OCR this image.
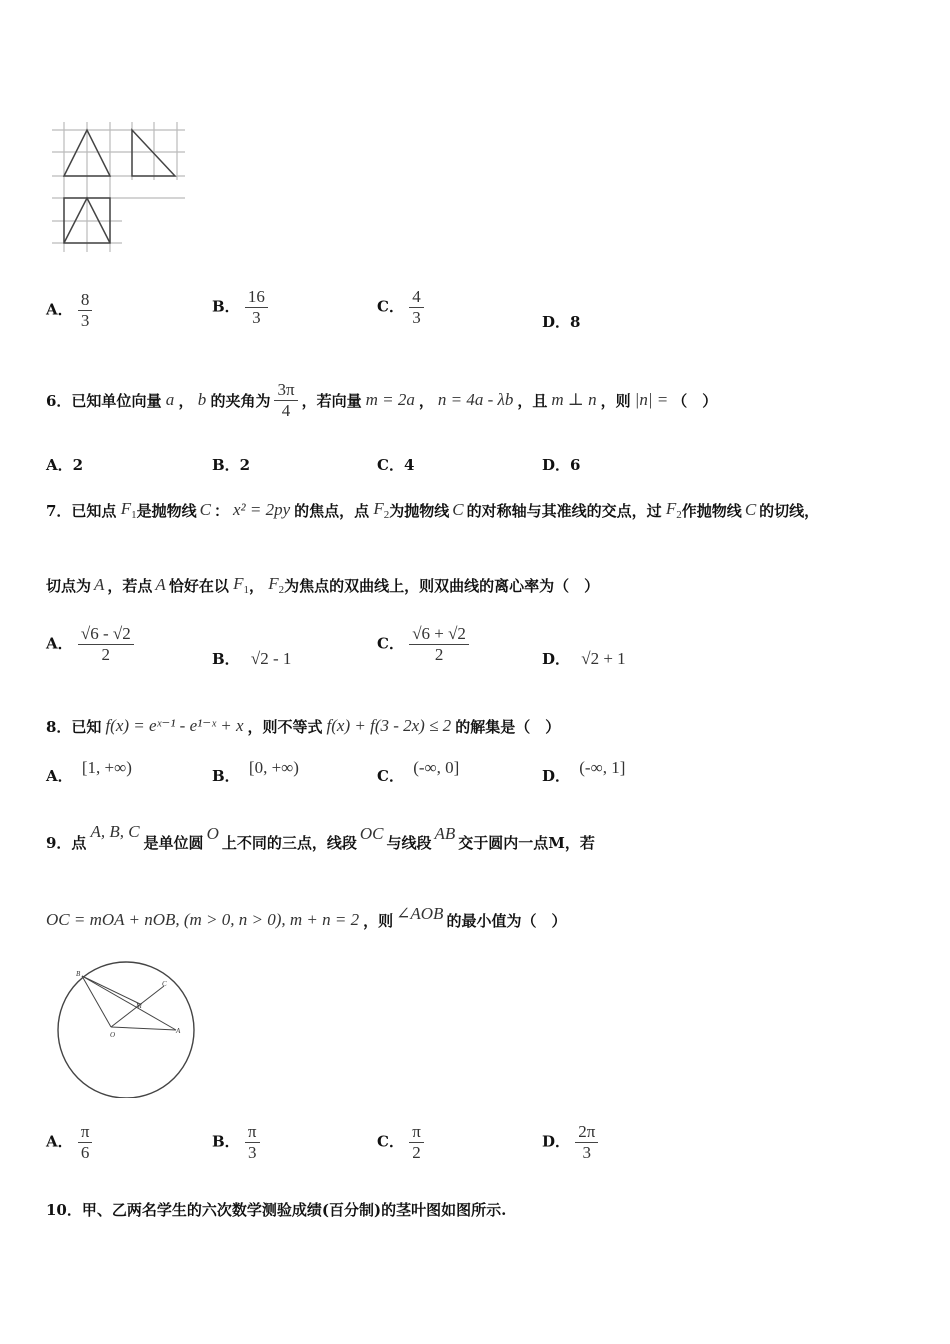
A． $\frac{8}{3}$	B． $\frac{16}{3}$	C． $\frac{4}{3}$	D．8
6．已知单位向量 a ， b 的夹角为 $\frac{3\pi}{4}$ ，若向量 m = 2a ， n = 4a - λb ，且 m ⊥ n ，则 |n| = （　）
A．2	B．2	C．4	D．6
7．已知点 $F_1$ 是抛物线 C ： x² = 2py 的焦点，点 $F_2$ 为抛物线 C 的对称轴与其准线的交点，过 $F_2$ 作抛物线 C 的切线，
切点为 A ，若点 A 恰好在以 $F_1$ ， $F_2$ 为焦点的双曲线上，则双曲线的离心率为（　）
A． $\frac{√6 - √2}{2}$	B． √2 - 1
C． $\frac{√6 + √2}{2}$	D． √2 + 1
8．已知 f(x) = eˣ⁻¹ - e¹⁻ˣ + x ，则不等式 f(x) + f(3 - 2x) ≤ 2 的解集是（　）
A． [1, +∞)	B． [0, +∞)	C． (-∞, 0]	D． (-∞, 1]
9．点
A, B, C
是单位圆 O 上不同的三点，线段 OC 与线段 AB 交于圆内一点M，若
OC = mOA + nOB, (m > 0, n > 0), m + n = 2 ，则 ∠AOB 的最小值为（　）
B
C
M
O	A
A． $\frac{\pi}{6}$	B． $\frac{\pi}{3}$	C． $\frac{\pi}{2}$	D． $\frac{2\pi}{3}$
10．甲、乙两名学生的六次数学测验成绩(百分制)的茎叶图如图所示.
